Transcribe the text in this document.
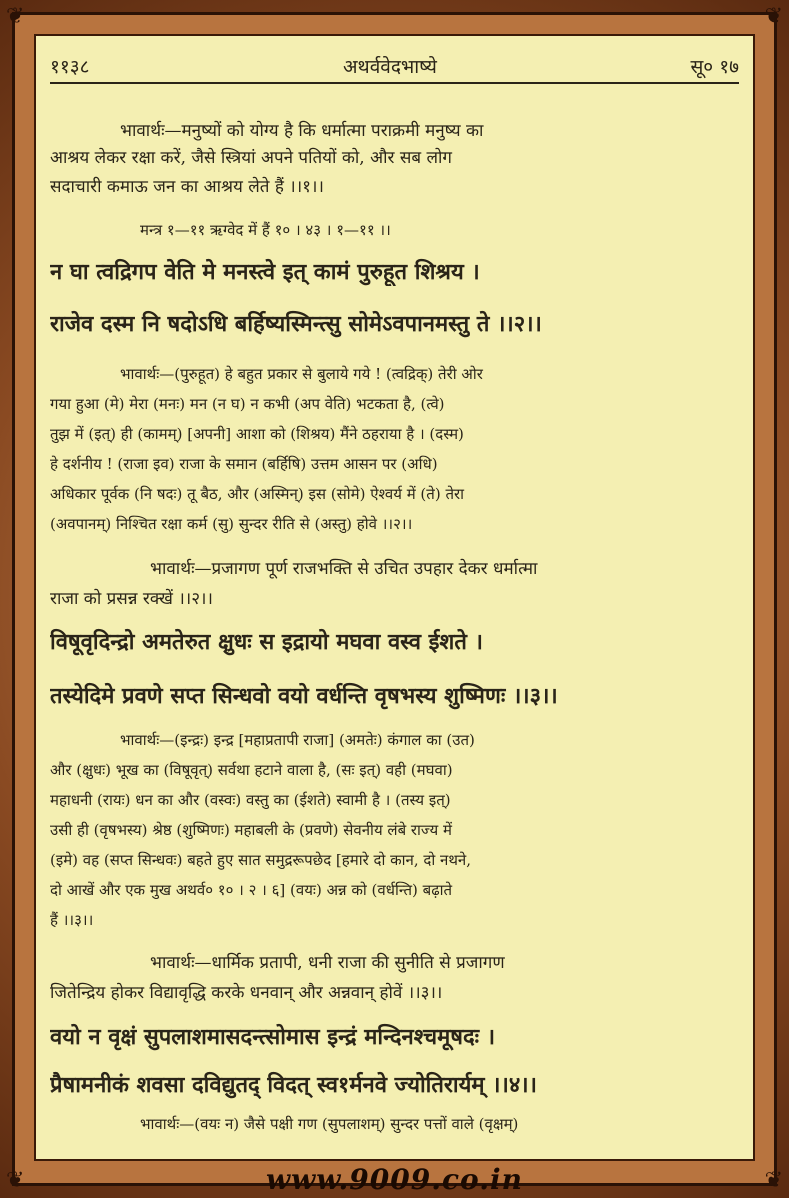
❦	❦
❦	❦
११३८	अथर्ववेदभाष्ये	सू० १७
भावार्थः—मनुष्यों को योग्य है कि धर्मात्मा पराक्रमी मनुष्य का
आश्रय लेकर रक्षा करें, जैसे स्त्रियां अपने पतियों को, और सब लोग
सदाचारी कमाऊ जन का आश्रय लेते हैं ।।१।।
मन्त्र १—११ ऋग्वेद में हैं १० । ४३ । १—११ ।।
न घा त्वद्रिगप वेति मे मनस्त्वे इत् कामं पुरुहूत शिश्रय ।
राजेव दस्म नि षदोऽधि बर्हिष्यस्मिन्त्सु सोमेऽवपानमस्तु ते ।।२।।
भावार्थः—(पुरुहूत) हे बहुत प्रकार से बुलाये गये ! (त्वद्रिक्) तेरी ओर
गया हुआ (मे) मेरा (मनः) मन (न घ) न कभी (अप वेति) भटकता है, (त्वे)
तुझ में (इत्) ही (कामम्) [अपनी] आशा को (शिश्रय) मैंने ठहराया है । (दस्म)
हे दर्शनीय ! (राजा इव) राजा के समान (बर्हिषि) उत्तम आसन पर (अधि)
अधिकार पूर्वक (नि षदः) तू बैठ, और (अस्मिन्) इस (सोमे) ऐश्वर्य में (ते) तेरा
(अवपानम्) निश्चित रक्षा कर्म (सु) सुन्दर रीति से (अस्तु) होवे ।।२।।
भावार्थः—प्रजागण पूर्ण राजभक्ति से उचित उपहार देकर धर्मात्मा
राजा को प्रसन्न रक्खें ।।२।।
विषूवृदिन्द्रो अमतेरुत क्षुधः स इद्रायो मघवा वस्व ईशते ।
तस्येदिमे प्रवणे सप्त सिन्धवो वयो वर्धन्ति वृषभस्य शुष्मिणः ।।३।।
भावार्थः—(इन्द्रः) इन्द्र [महाप्रतापी राजा] (अमतेः) कंगाल का (उत)
और (क्षुधः) भूख का (विषूवृत्) सर्वथा हटाने वाला है, (सः इत्) वही (मघवा)
महाधनी (रायः) धन का और (वस्वः) वस्तु का (ईशते) स्वामी है । (तस्य इत्)
उसी ही (वृषभस्य) श्रेष्ठ (शुष्मिणः) महाबली के (प्रवणे) सेवनीय लंबे राज्य में
(इमे) वह (सप्त सिन्धवः) बहते हुए सात समुद्ररूपछेद [हमारे दो कान, दो नथने,
दो आखें और एक मुख अथर्व० १० । २ । ६] (वयः) अन्न को (वर्धन्ति) बढ़ाते
हैं ।।३।।
भावार्थः—धार्मिक प्रतापी, धनी राजा की सुनीति से प्रजागण
जितेन्द्रिय होकर विद्यावृद्धि करके धनवान् और अन्नवान् होवें ।।३।।
वयो न वृक्षं सुपलाशमासदन्त्सोमास इन्द्रं मन्दिनश्चमूषदः ।
प्रैषामनीकं शवसा दविद्युतद् विदत् स्व१र्मनवे ज्योतिरार्यम् ।।४।।
भावार्थः—(वयः न) जैसे पक्षी गण (सुपलाशम्) सुन्दर पत्तों वाले (वृक्षम्)
www.9009.co.in
